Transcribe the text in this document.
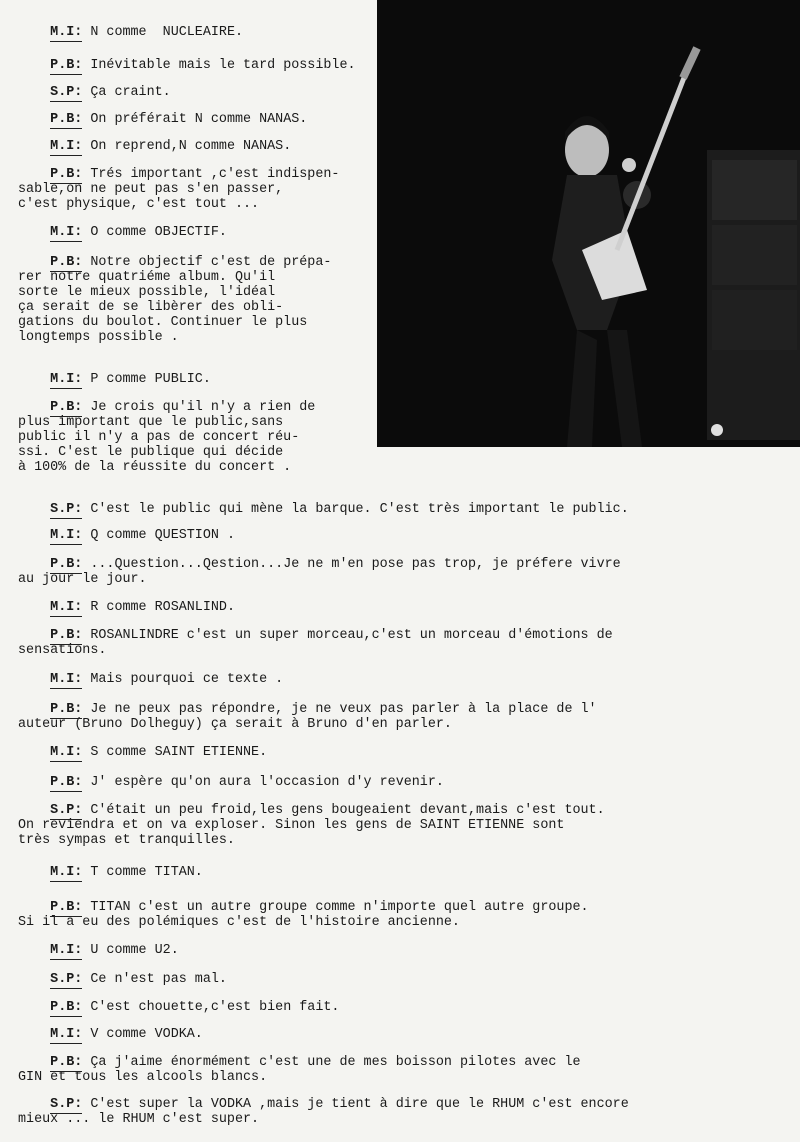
M.I: N comme  NUCLEAIRE.

P.B: Inévitable mais le tard possible.

S.P: Ça craint.

P.B: On préférait N comme NANAS.

M.I: On reprend,N comme NANAS.

P.B: Trés important ,c'est indispen-
sable,on ne peut pas s'en passer,
c'est physique, c'est tout ...

M.I: O comme OBJECTIF.

P.B: Notre objectif c'est de prépa-
rer notre quatriéme album. Qu'il
sorte le mieux possible, l'idéal
ça serait de se libèrer des obli-
gations du boulot. Continuer le plus
longtemps possible .

M.I: P comme PUBLIC.

P.B: Je crois qu'il n'y a rien de
plus important que le public,sans
public il n'y a pas de concert réu-
ssi. C'est le publique qui décide
à 100% de la réussite du concert .

S.P: C'est le public qui mène la barque. C'est très important le public.

M.I: Q comme QUESTION .

P.B: ...Question...Qestion...Je ne m'en pose pas trop, je préfere vivre
au jour le jour.

M.I: R comme ROSANLIND.

P.B: ROSANLINDRE c'est un super morceau,c'est un morceau d'émotions de
sensations.

M.I: Mais pourquoi ce texte .

P.B: Je ne peux pas répondre, je ne veux pas parler à la place de l'
auteur (Bruno Dolheguy) ça serait à Bruno d'en parler.

M.I: S comme SAINT ETIENNE.

P.B: J' espère qu'on aura l'occasion d'y revenir.

S.P: C'était un peu froid,les gens bougeaient devant,mais c'est tout.
On reviendra et on va exploser. Sinon les gens de SAINT ETIENNE sont
très sympas et tranquilles.

M.I: T comme TITAN.

P.B: TITAN c'est un autre groupe comme n'importe quel autre groupe.
Si il a eu des polémiques c'est de l'histoire ancienne.

M.I: U comme U2.

S.P: Ce n'est pas mal.

P.B: C'est chouette,c'est bien fait.

M.I: V comme VODKA.

P.B: Ça j'aime énormément c'est une de mes boisson pilotes avec le
GIN et tous les alcools blancs.

S.P: C'est super la VODKA ,mais je tient à dire que le RHUM c'est encore
mieux ... le RHUM c'est super.
